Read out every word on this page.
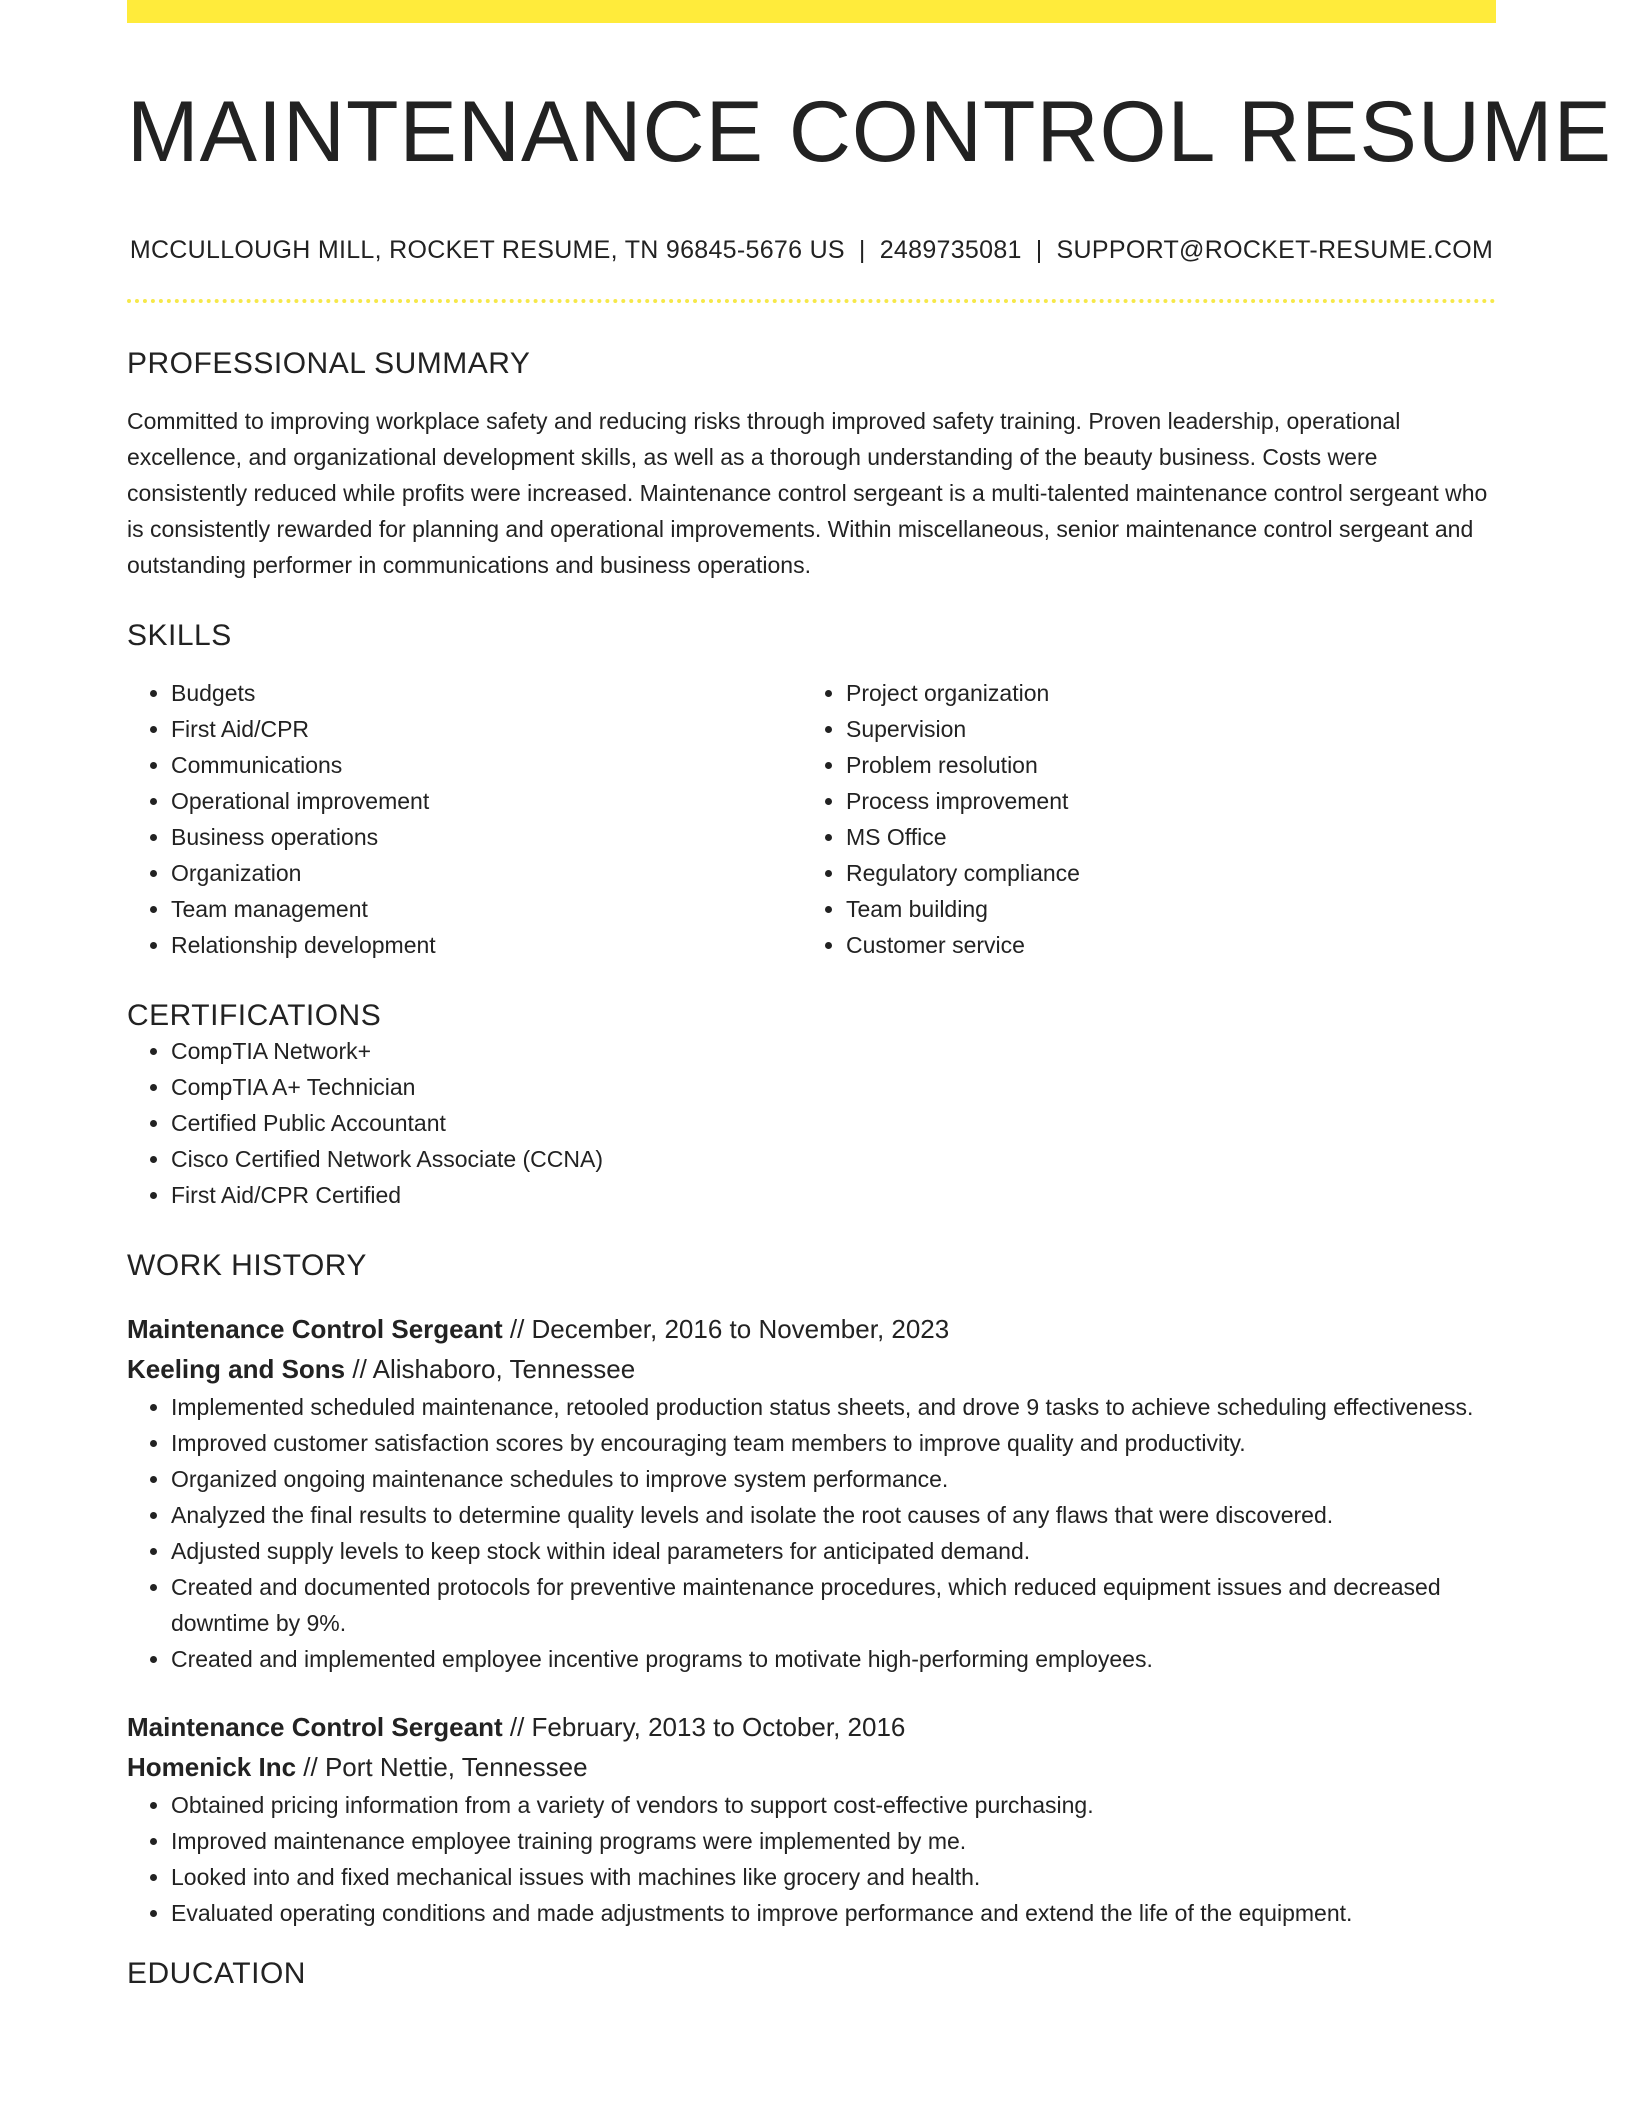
MAINTENANCE CONTROL RESUME
MCCULLOUGH MILL, ROCKET RESUME, TN 96845-5676 US | 2489735081 | SUPPORT@ROCKET-RESUME.COM
PROFESSIONAL SUMMARY
Committed to improving workplace safety and reducing risks through improved safety training. Proven leadership, operational excellence, and organizational development skills, as well as a thorough understanding of the beauty business. Costs were consistently reduced while profits were increased. Maintenance control sergeant is a multi-talented maintenance control sergeant who is consistently rewarded for planning and operational improvements. Within miscellaneous, senior maintenance control sergeant and outstanding performer in communications and business operations.
SKILLS
• Budgets
• First Aid/CPR
• Communications
• Operational improvement
• Business operations
• Organization
• Team management
• Relationship development
• Project organization
• Supervision
• Problem resolution
• Process improvement
• MS Office
• Regulatory compliance
• Team building
• Customer service
CERTIFICATIONS
• CompTIA Network+
• CompTIA A+ Technician
• Certified Public Accountant
• Cisco Certified Network Associate (CCNA)
• First Aid/CPR Certified
WORK HISTORY
Maintenance Control Sergeant // December, 2016 to November, 2023
Keeling and Sons // Alishaboro, Tennessee
• Implemented scheduled maintenance, retooled production status sheets, and drove 9 tasks to achieve scheduling effectiveness.
• Improved customer satisfaction scores by encouraging team members to improve quality and productivity.
• Organized ongoing maintenance schedules to improve system performance.
• Analyzed the final results to determine quality levels and isolate the root causes of any flaws that were discovered.
• Adjusted supply levels to keep stock within ideal parameters for anticipated demand.
• Created and documented protocols for preventive maintenance procedures, which reduced equipment issues and decreased downtime by 9%.
• Created and implemented employee incentive programs to motivate high-performing employees.
Maintenance Control Sergeant // February, 2013 to October, 2016
Homenick Inc // Port Nettie, Tennessee
• Obtained pricing information from a variety of vendors to support cost-effective purchasing.
• Improved maintenance employee training programs were implemented by me.
• Looked into and fixed mechanical issues with machines like grocery and health.
• Evaluated operating conditions and made adjustments to improve performance and extend the life of the equipment.
EDUCATION
